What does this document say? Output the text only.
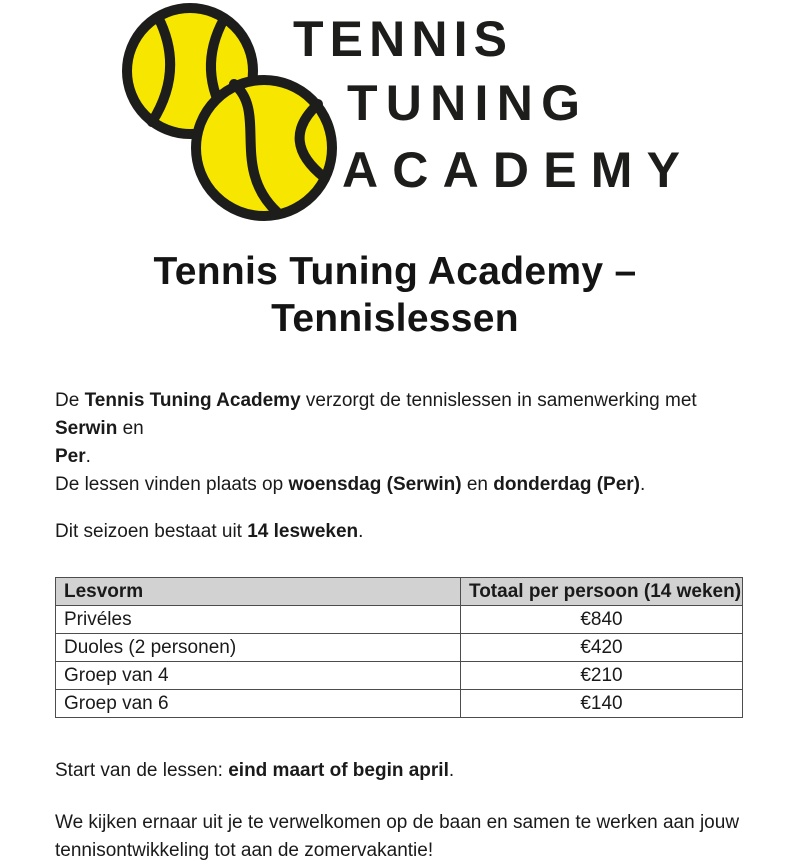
TENNIS
TUNING
ACADEMY
Tennis Tuning Academy –
Tennislessen

De Tennis Tuning Academy verzorgt de tennislessen in samenwerking met Serwin en
Per.
De lessen vinden plaats op woensdag (Serwin) en donderdag (Per).

Dit seizoen bestaat uit 14 lesweken.

Lesvorm	Totaal per persoon (14 weken)
Privéles	€840
Duoles (2 personen)	€420
Groep van 4	€210
Groep van 6	€140

Start van de lessen: eind maart of begin april.

We kijken ernaar uit je te verwelkomen op de baan en samen te werken aan jouw
tennisontwikkeling tot aan de zomervakantie!
